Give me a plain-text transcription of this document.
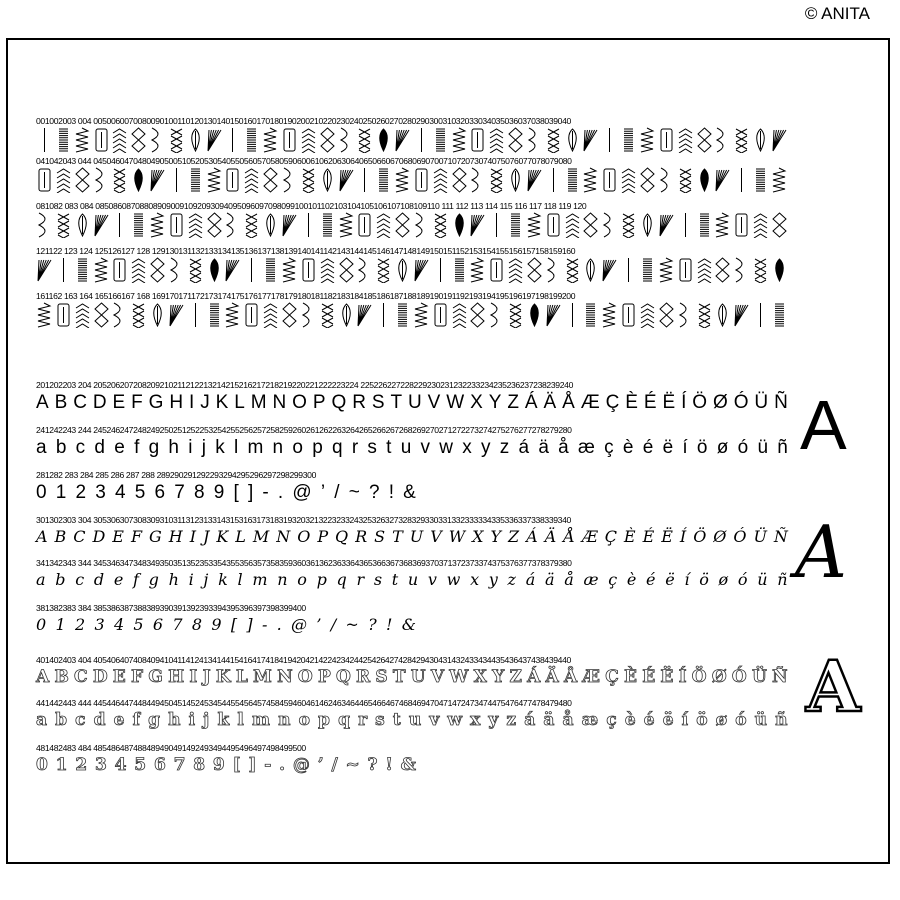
© ANITA
001002003 004 005006007008009010011012013014015016017018019020021022023024025026027028029030031032033034035036037038039040
041042043 044 045046047048049050051052053054055056057058059060061062063064065066067068069070071072073074075076077078079080
081082 083 084 085086087088089090091092093094095096097098099100101102103104105106107108109110 111 112 113 114 115 116 117 118 119 120
121122 123 124 125126127 128 129130131132133134135136137138139140141142143144145146147148149150151152153154155156157158159160
161162 163 164 165166167 168 169170171172173174175176177178179180181182183184185186187188189190191192193194195196197198199200
201202203 204 205206207208209210211212213214215216217218219220221222223224 225226227228229230231232233234235236237238239240
A B C D E F G H I J K L M N O P Q R S T U V W X Y Z Á Ä Å Æ Ç È É Ë Í Ö Ø Ó Ü Ñ
241242243 244 245246247248249250251252253254255256257258259260261262263264265266267268269270271272273274275276277278279280
a b c d e f g h i j k l m n o p q r s t u v w x y z á ä å æ ç è é ë í ö ø ó ü ñ
281282 283 284 285 286 287 288 289290291292293294295296297298299300
0 1 2 3 4 5 6 7 8 9 [ ] - . @ ’ / ~ ? ! &
301302303 304 305306307308309310311312313314315316317318319320321322323324325326327328329330331332333334335336337338339340
A B C D E F G H I J K L M N O P Q R S T U V W X Y Z Á Ä Å Æ Ç È É Ë Í Ö Ø Ó Ü Ñ
341342343 344 345346347348349350351352353354355356357358359360361362363364365366367368369370371372373374375376377378379380
a b c d e f g h i j k l m n o p q r s t u v w x y z á ä å æ ç è é ë í ö ø ó ü ñ
381382383 384 385386387388389390391392393394395396397398399400
0 1 2 3 4 5 6 7 8 9 [ ] - . @ ’ / ~ ? ! &
401402403 404 405406407408409410411412413414415416417418419420421422423424425426427428429430431432433434435436437438439440
A B C D E F G H I J K L M N O P Q R S T U V W X Y Z Á Ä Å Æ Ç È É Ë Í Ö Ø Ó Ü Ñ
441442443 444 445446447448449450451452453454455456457458459460461462463464465466467468469470471472473474475476477478479480
a b c d e f g h i j k l m n o p q r s t u v w x y z á ä å æ ç è é ë í ö ø ó ü ñ
481482483 484 485486487488489490491492493494495496497498499500
0 1 2 3 4 5 6 7 8 9 [ ] - . @ ’ / ~ ? ! &
A
A
A
